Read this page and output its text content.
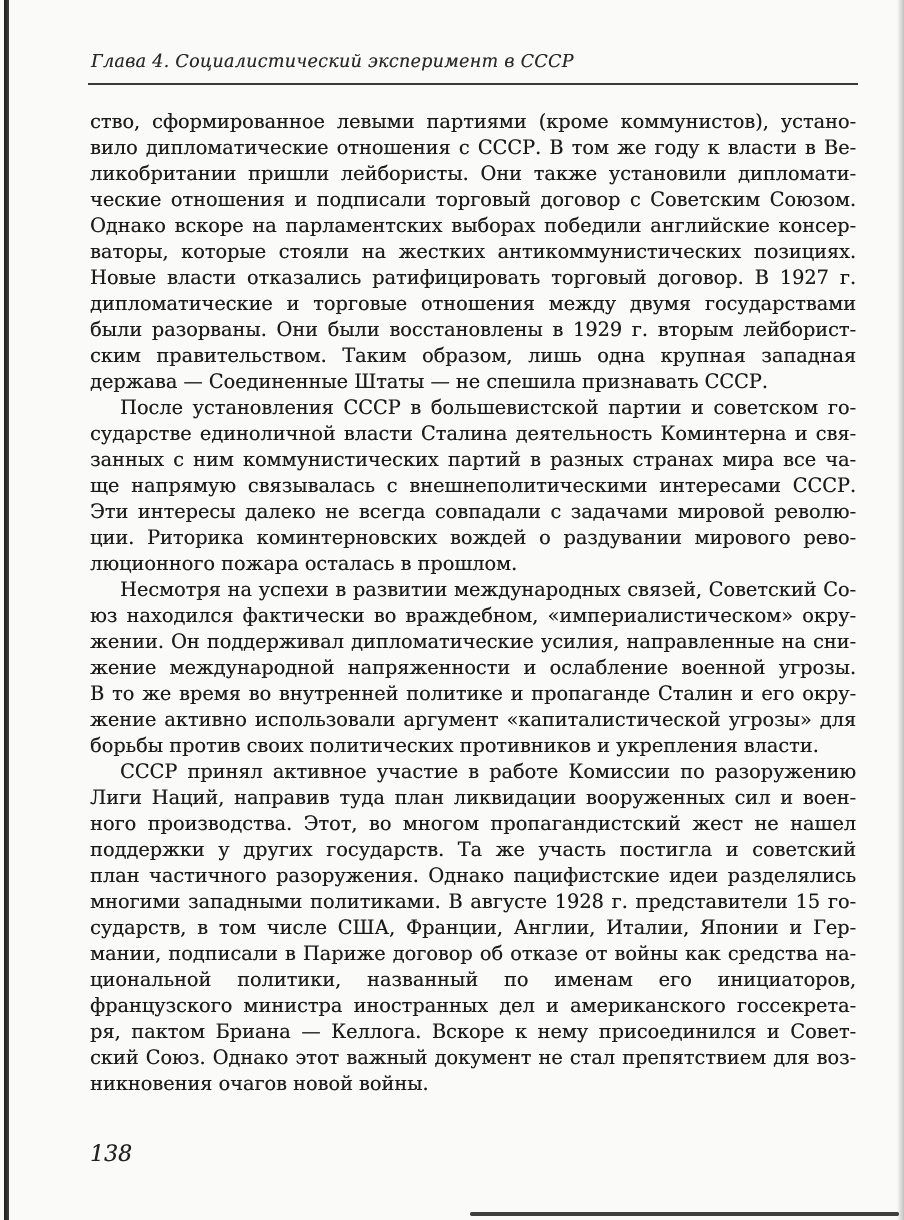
Глава 4. Социалистический эксперимент в СССР
ство, сформированное левыми партиями (кроме коммунистов), устано-
вило дипломатические отношения с СССР. В том же году к власти в Ве-
ликобритании пришли лейбористы. Они также установили дипломати-
ческие отношения и подписали торговый договор с Советским Союзом.
Однако вскоре на парламентских выборах победили английские консер-
ваторы, которые стояли на жестких антикоммунистических позициях.
Новые власти отказались ратифицировать торговый договор. В 1927 г.
дипломатические и торговые отношения между двумя государствами
были разорваны. Они были восстановлены в 1929 г. вторым лейборист-
ским правительством. Таким образом, лишь одна крупная западная
держава — Соединенные Штаты — не спешила признавать СССР.
После установления СССР в большевистской партии и советском го-
сударстве единоличной власти Сталина деятельность Коминтерна и свя-
занных с ним коммунистических партий в разных странах мира все ча-
ще напрямую связывалась с внешнеполитическими интересами СССР.
Эти интересы далеко не всегда совпадали с задачами мировой револю-
ции. Риторика коминтерновских вождей о раздувании мирового рево-
люционного пожара осталась в прошлом.
Несмотря на успехи в развитии международных связей, Советский Со-
юз находился фактически во враждебном, «империалистическом» окру-
жении. Он поддерживал дипломатические усилия, направленные на сни-
жение международной напряженности и ослабление военной угрозы.
В то же время во внутренней политике и пропаганде Сталин и его окру-
жение активно использовали аргумент «капиталистической угрозы» для
борьбы против своих политических противников и укрепления власти.
СССР принял активное участие в работе Комиссии по разоружению
Лиги Наций, направив туда план ликвидации вооруженных сил и воен-
ного производства. Этот, во многом пропагандистский жест не нашел
поддержки у других государств. Та же участь постигла и советский
план частичного разоружения. Однако пацифистские идеи разделялись
многими западными политиками. В августе 1928 г. представители 15 го-
сударств, в том числе США, Франции, Англии, Италии, Японии и Гер-
мании, подписали в Париже договор об отказе от войны как средства на-
циональной политики, названный по именам его инициаторов,
французского министра иностранных дел и американского госсекрета-
ря, пактом Бриана — Келлога. Вскоре к нему присоединился и Совет-
ский Союз. Однако этот важный документ не стал препятствием для воз-
никновения очагов новой войны.
138
